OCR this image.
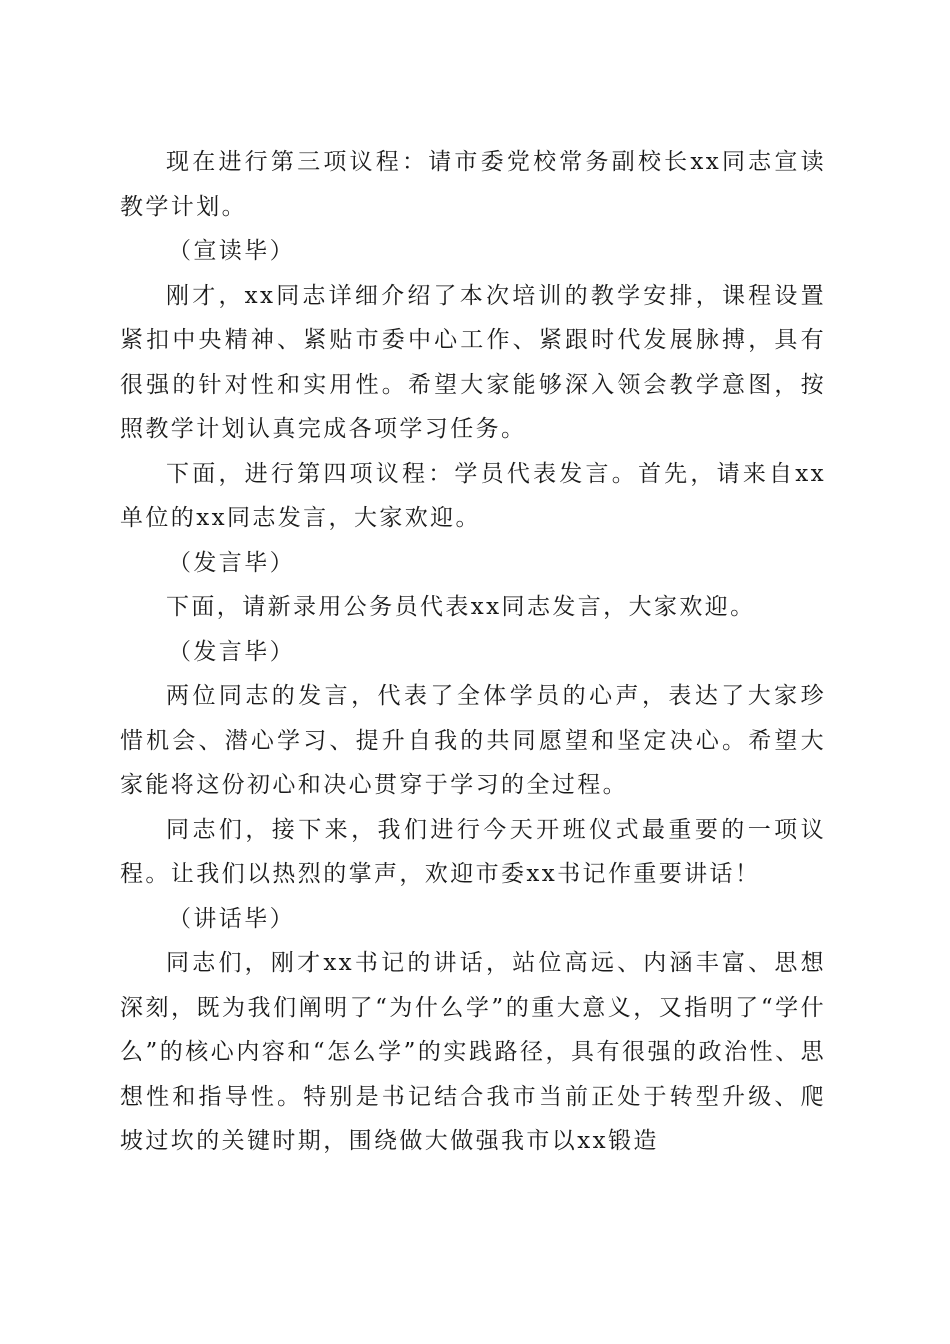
现在进行第三项议程：请市委党校常务副校长xx同志宣读教学计划。

（宣读毕）

刚才，xx同志详细介绍了本次培训的教学安排，课程设置紧扣中央精神、紧贴市委中心工作、紧跟时代发展脉搏，具有很强的针对性和实用性。希望大家能够深入领会教学意图，按照教学计划认真完成各项学习任务。

下面，进行第四项议程：学员代表发言。首先，请来自xx单位的xx同志发言，大家欢迎。

（发言毕）

下面，请新录用公务员代表xx同志发言，大家欢迎。

（发言毕）

两位同志的发言，代表了全体学员的心声，表达了大家珍惜机会、潜心学习、提升自我的共同愿望和坚定决心。希望大家能将这份初心和决心贯穿于学习的全过程。

同志们，接下来，我们进行今天开班仪式最重要的一项议程。让我们以热烈的掌声，欢迎市委xx书记作重要讲话！

（讲话毕）

同志们，刚才xx书记的讲话，站位高远、内涵丰富、思想深刻，既为我们阐明了“为什么学”的重大意义，又指明了“学什么”的核心内容和“怎么学”的实践路径，具有很强的政治性、思想性和指导性。特别是书记结合我市当前正处于转型升级、爬坡过坎的关键时期，围绕做大做强我市以xx锻造
